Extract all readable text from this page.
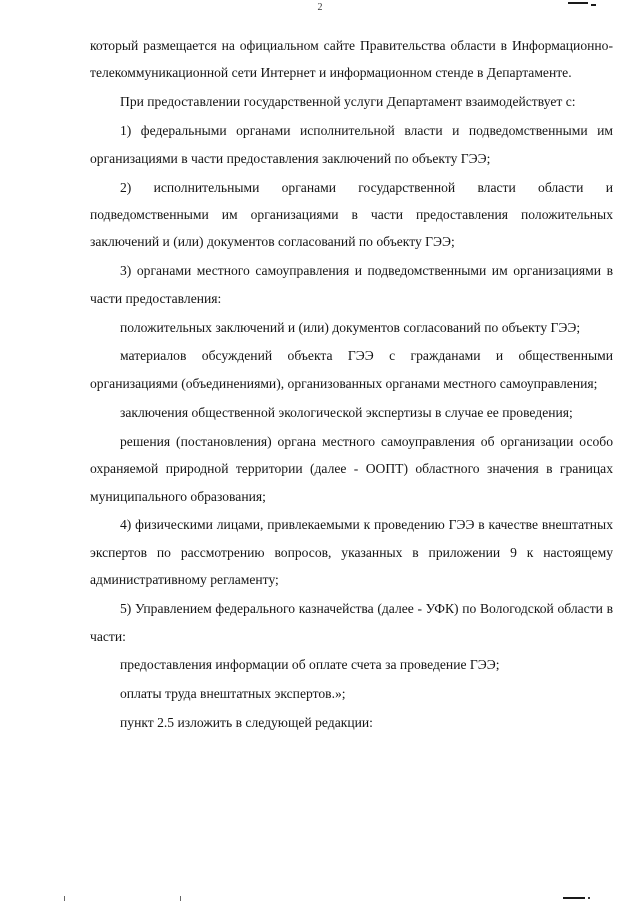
2

который размещается на официальном сайте Правительства области в Информационно-телекоммуникационной сети Интернет и информационном стенде в Департаменте.

При предоставлении государственной услуги Департамент взаимодействует с:

1) федеральными органами исполнительной власти и подведомственными им организациями в части предоставления заключений по объекту ГЭЭ;

2) исполнительными органами государственной власти области и подведомственными им организациями в части предоставления положительных заключений и (или) документов согласований по объекту ГЭЭ;

3) органами местного самоуправления и подведомственными им организациями в части предоставления:

положительных заключений и (или) документов согласований по объекту ГЭЭ;

материалов обсуждений объекта ГЭЭ с гражданами и общественными организациями (объединениями), организованных органами местного самоуправления;

заключения общественной экологической экспертизы в случае ее проведения;

решения (постановления) органа местного самоуправления об организации особо охраняемой природной территории (далее - ООПТ) областного значения в границах муниципального образования;

4) физическими лицами, привлекаемыми к проведению ГЭЭ в качестве внештатных экспертов по рассмотрению вопросов, указанных в приложении 9 к настоящему административному регламенту;

5) Управлением федерального казначейства (далее - УФК) по Вологодской области в части:

предоставления информации об оплате счета за проведение ГЭЭ;

оплаты труда внештатных экспертов.»;

пункт 2.5 изложить в следующей редакции:
